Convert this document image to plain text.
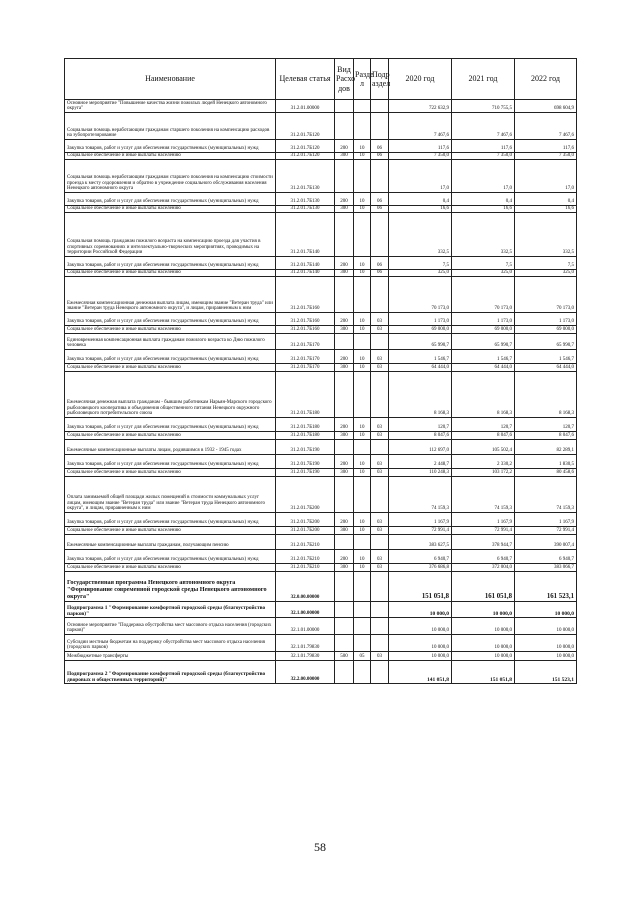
Наименование	Целевая статья	Вид Расхо дов	Разде л	Подр аздел	2020 год	2021 год	2022 год
Основное мероприятие "Повышение качества жизни пожилых людей Ненецкого автономного округа"	31.2.01.00000				722 632,9	710 755,5	698 604,9
Социальная помощь неработающим гражданам старшего поколения на компенсацию расходов на зубопротезирование	31.2.01.7Б120				7 467,6	7 467,6	7 467,6
Закупка товаров, работ и услуг для обеспечения государственных (муниципальных) нужд	31.2.01.7Б120	200	10	06	117,6	117,6	117,6
Социальное обеспечение и иные выплаты населению	31.2.01.7Б120	300	10	06	7 350,0	7 350,0	7 350,0
Социальная помощь неработающим гражданам старшего поколения на компенсацию стоимости проезда к месту оздоровления и обратно в учреждение социального обслуживания населения Ненецкого автономного округа	31.2.01.7Б130				17,0	17,0	17,0
Закупка товаров, работ и услуг для обеспечения государственных (муниципальных) нужд	31.2.01.7Б130	200	10	06	0,4	0,4	0,4
Социальное обеспечение и иные выплаты населению	31.2.01.7Б130	300	10	06	16,6	16,6	16,6
Социальная помощь гражданам пожилого возраста на компенсацию проезда для участия в спортивных соревнованиях и интеллектуально-творческих мероприятиях, проводимых на территории Российской Федерации	31.2.01.7Б140				332,5	332,5	332,5
Закупка товаров, работ и услуг для обеспечения государственных (муниципальных) нужд	31.2.01.7Б140	200	10	06	7,5	7,5	7,5
Социальное обеспечение и иные выплаты населению	31.2.01.7Б140	300	10	06	325,0	325,0	325,0
Ежемесячная компенсационная денежная выплата лицам, имеющим звание "Ветеран труда" или звание "Ветеран труда Ненецкого автономного округа", и лицам, приравненным к ним	31.2.01.7Б160				70 173,0	70 173,0	70 173,0
Закупка товаров, работ и услуг для обеспечения государственных (муниципальных) нужд	31.2.01.7Б160	200	10	03	1 173,0	1 173,0	1 173,0
Социальное обеспечение и иные выплаты населению	31.2.01.7Б160	300	10	03	69 000,0	69 000,0	69 000,0
Единовременная компенсационная выплата гражданам пожилого возраста ко Дню пожилого человека	31.2.01.7Б170				65 990,7	65 990,7	65 990,7
Закупка товаров, работ и услуг для обеспечения государственных (муниципальных) нужд	31.2.01.7Б170	200	10	03	1 546,7	1 546,7	1 546,7
Социальное обеспечение и иные выплаты населению	31.2.01.7Б170	300	10	03	64 444,0	64 444,0	64 444,0
Ежемесячная денежная выплата гражданам - бывшим работникам Нарьян-Марского городского рыболовецкого кооператива и объединения общественного питания Ненецкого окружного рыболовецкого потребительского союза	31.2.01.7Б180				8 168,3	8 168,3	8 168,3
Закупка товаров, работ и услуг для обеспечения государственных (муниципальных) нужд	31.2.01.7Б180	200	10	03	120,7	120,7	120,7
Социальное обеспечение и иные выплаты населению	31.2.01.7Б180	300	10	03	8 047,6	8 047,6	8 047,6
Ежемесячные компенсационные выплаты лицам, родившимся в 1932 - 1945 годах	31.2.01.7Б190				112 697,0	105 502,4	82 289,1
Закупка товаров, работ и услуг для обеспечения государственных (муниципальных) нужд	31.2.01.7Б190	200	10	03	2 448,7	2 330,2	1 830,5
Социальное обеспечение и иные выплаты населению	31.2.01.7Б190	300	10	03	110 248,3	103 172,2	80 458,6
Оплата занимаемой общей площади жилых помещений в стоимости коммунальных услуг лицам, имеющим звание "Ветеран труда" или звание "Ветеран труда Ненецкого автономного округа", и лицам, приравненным к ним	31.2.01.7Б200				74 159,3	74 159,3	74 159,3
Закупка товаров, работ и услуг для обеспечения государственных (муниципальных) нужд	31.2.01.7Б200	200	10	03	1 167,9	1 167,9	1 167,9
Социальное обеспечение и иные выплаты населению	31.2.01.7Б200	300	10	03	72 991,4	72 991,4	72 991,4
Ежемесячные компенсационные выплаты гражданам, получающим пенсию	31.2.01.7Б210				383 627,5	378 944,7	390 007,4
Закупка товаров, работ и услуг для обеспечения государственных (муниципальных) нужд	31.2.01.7Б210	200	10	03	6 940,7	6 940,7	6 940,7
Социальное обеспечение и иные выплаты населению	31.2.01.7Б210	300	10	03	376 686,8	372 004,0	383 066,7
Государственная программа Ненецкого автономного округа "Формирование современной городской среды Ненецкого автономного округа"	32.0.00.00000				151 051,8	161 051,8	161 523,1
Подпрограмма 1 "Формирование комфортной городской среды (благоустройство парков)"	32.1.00.00000				10 000,0	10 000,0	10 000,0
Основное мероприятие "Поддержка обустройства мест массового отдыха населения (городских парков)"	32.1.01.00000				10 000,0	10 000,0	10 000,0
Субсидии местным бюджетам на поддержку обустройства мест массового отдыха населения (городских парков)	32.1.01.79830				10 000,0	10 000,0	10 000,0
Межбюджетные трансферты	32.1.01.79830	500	05	03	10 000,0	10 000,0	10 000,0
Подпрограмма 2 "Формирование комфортной городской среды (благоустройство дворовых и общественных территорий)"	32.2.00.00000				141 051,8	151 051,8	151 523,1
58
